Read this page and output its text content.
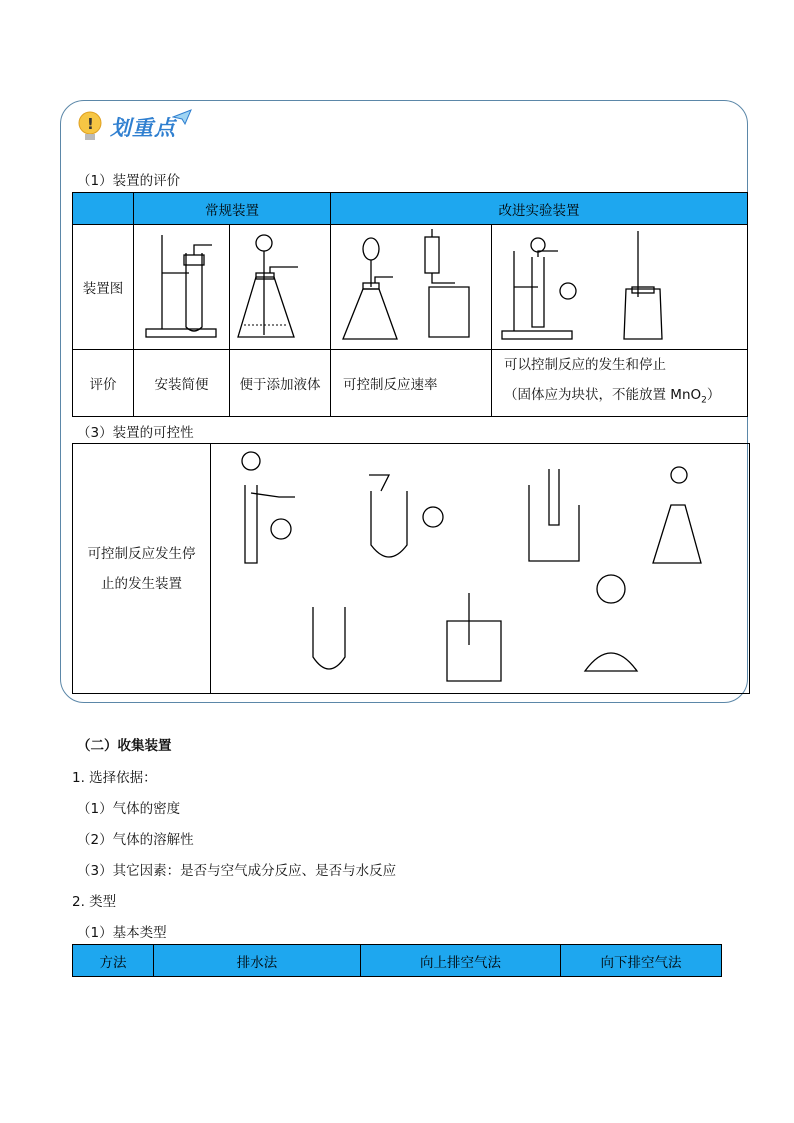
! 划重点
（1）装置的评价
	常规装置		改进实验装置	
装置图	

评价	安装简便	便于添加液体	可控制反应速率	可以控制反应的发生和停止
（固体应为块状，不能放置 MnO$_2$）
（3）装置的可控性
可控制反应发生停
止的发生装置

（二）收集装置
1. 选择依据：
（1）气体的密度
（2）气体的溶解性
（3）其它因素：是否与空气成分反应、是否与水反应
2. 类型
（1）基本类型
方法	排水法	向上排空气法	向下排空气法
